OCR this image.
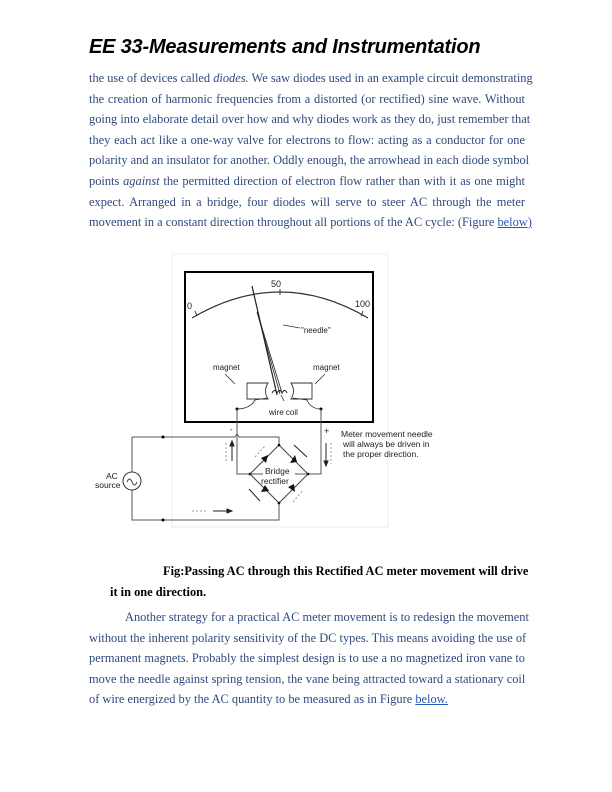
EE 33-Measurements and Instrumentation
the use of devices called diodes. We saw diodes used in an example circuit demonstrating
the creation of harmonic frequencies from a distorted (or rectified) sine wave. Without
going into elaborate detail over how and why diodes work as they do, just remember that
they each act like a one-way valve for electrons to flow: acting as a conductor for one
polarity and an insulator for another. Oddly enough, the arrowhead in each diode symbol
points against the permitted direction of electron flow rather than with it as one might
expect. Arranged in a bridge, four diodes will serve to steer AC through the meter
movement in a constant direction throughout all portions of the AC cycle: (Figure below)
0
50
100
"needle"
magnet	magnet
wire coil
-	+ Meter movement needle
will always be driven in
the proper direction.
AC
source
Bridge
rectifier
Fig:Passing AC through this Rectified AC meter movement will drive
it in one direction.
Another strategy for a practical AC meter movement is to redesign the movement
without the inherent polarity sensitivity of the DC types. This means avoiding the use of
permanent magnets. Probably the simplest design is to use a no magnetized iron vane to
move the needle against spring tension, the vane being attracted toward a stationary coil
of wire energized by the AC quantity to be measured as in Figure below.
